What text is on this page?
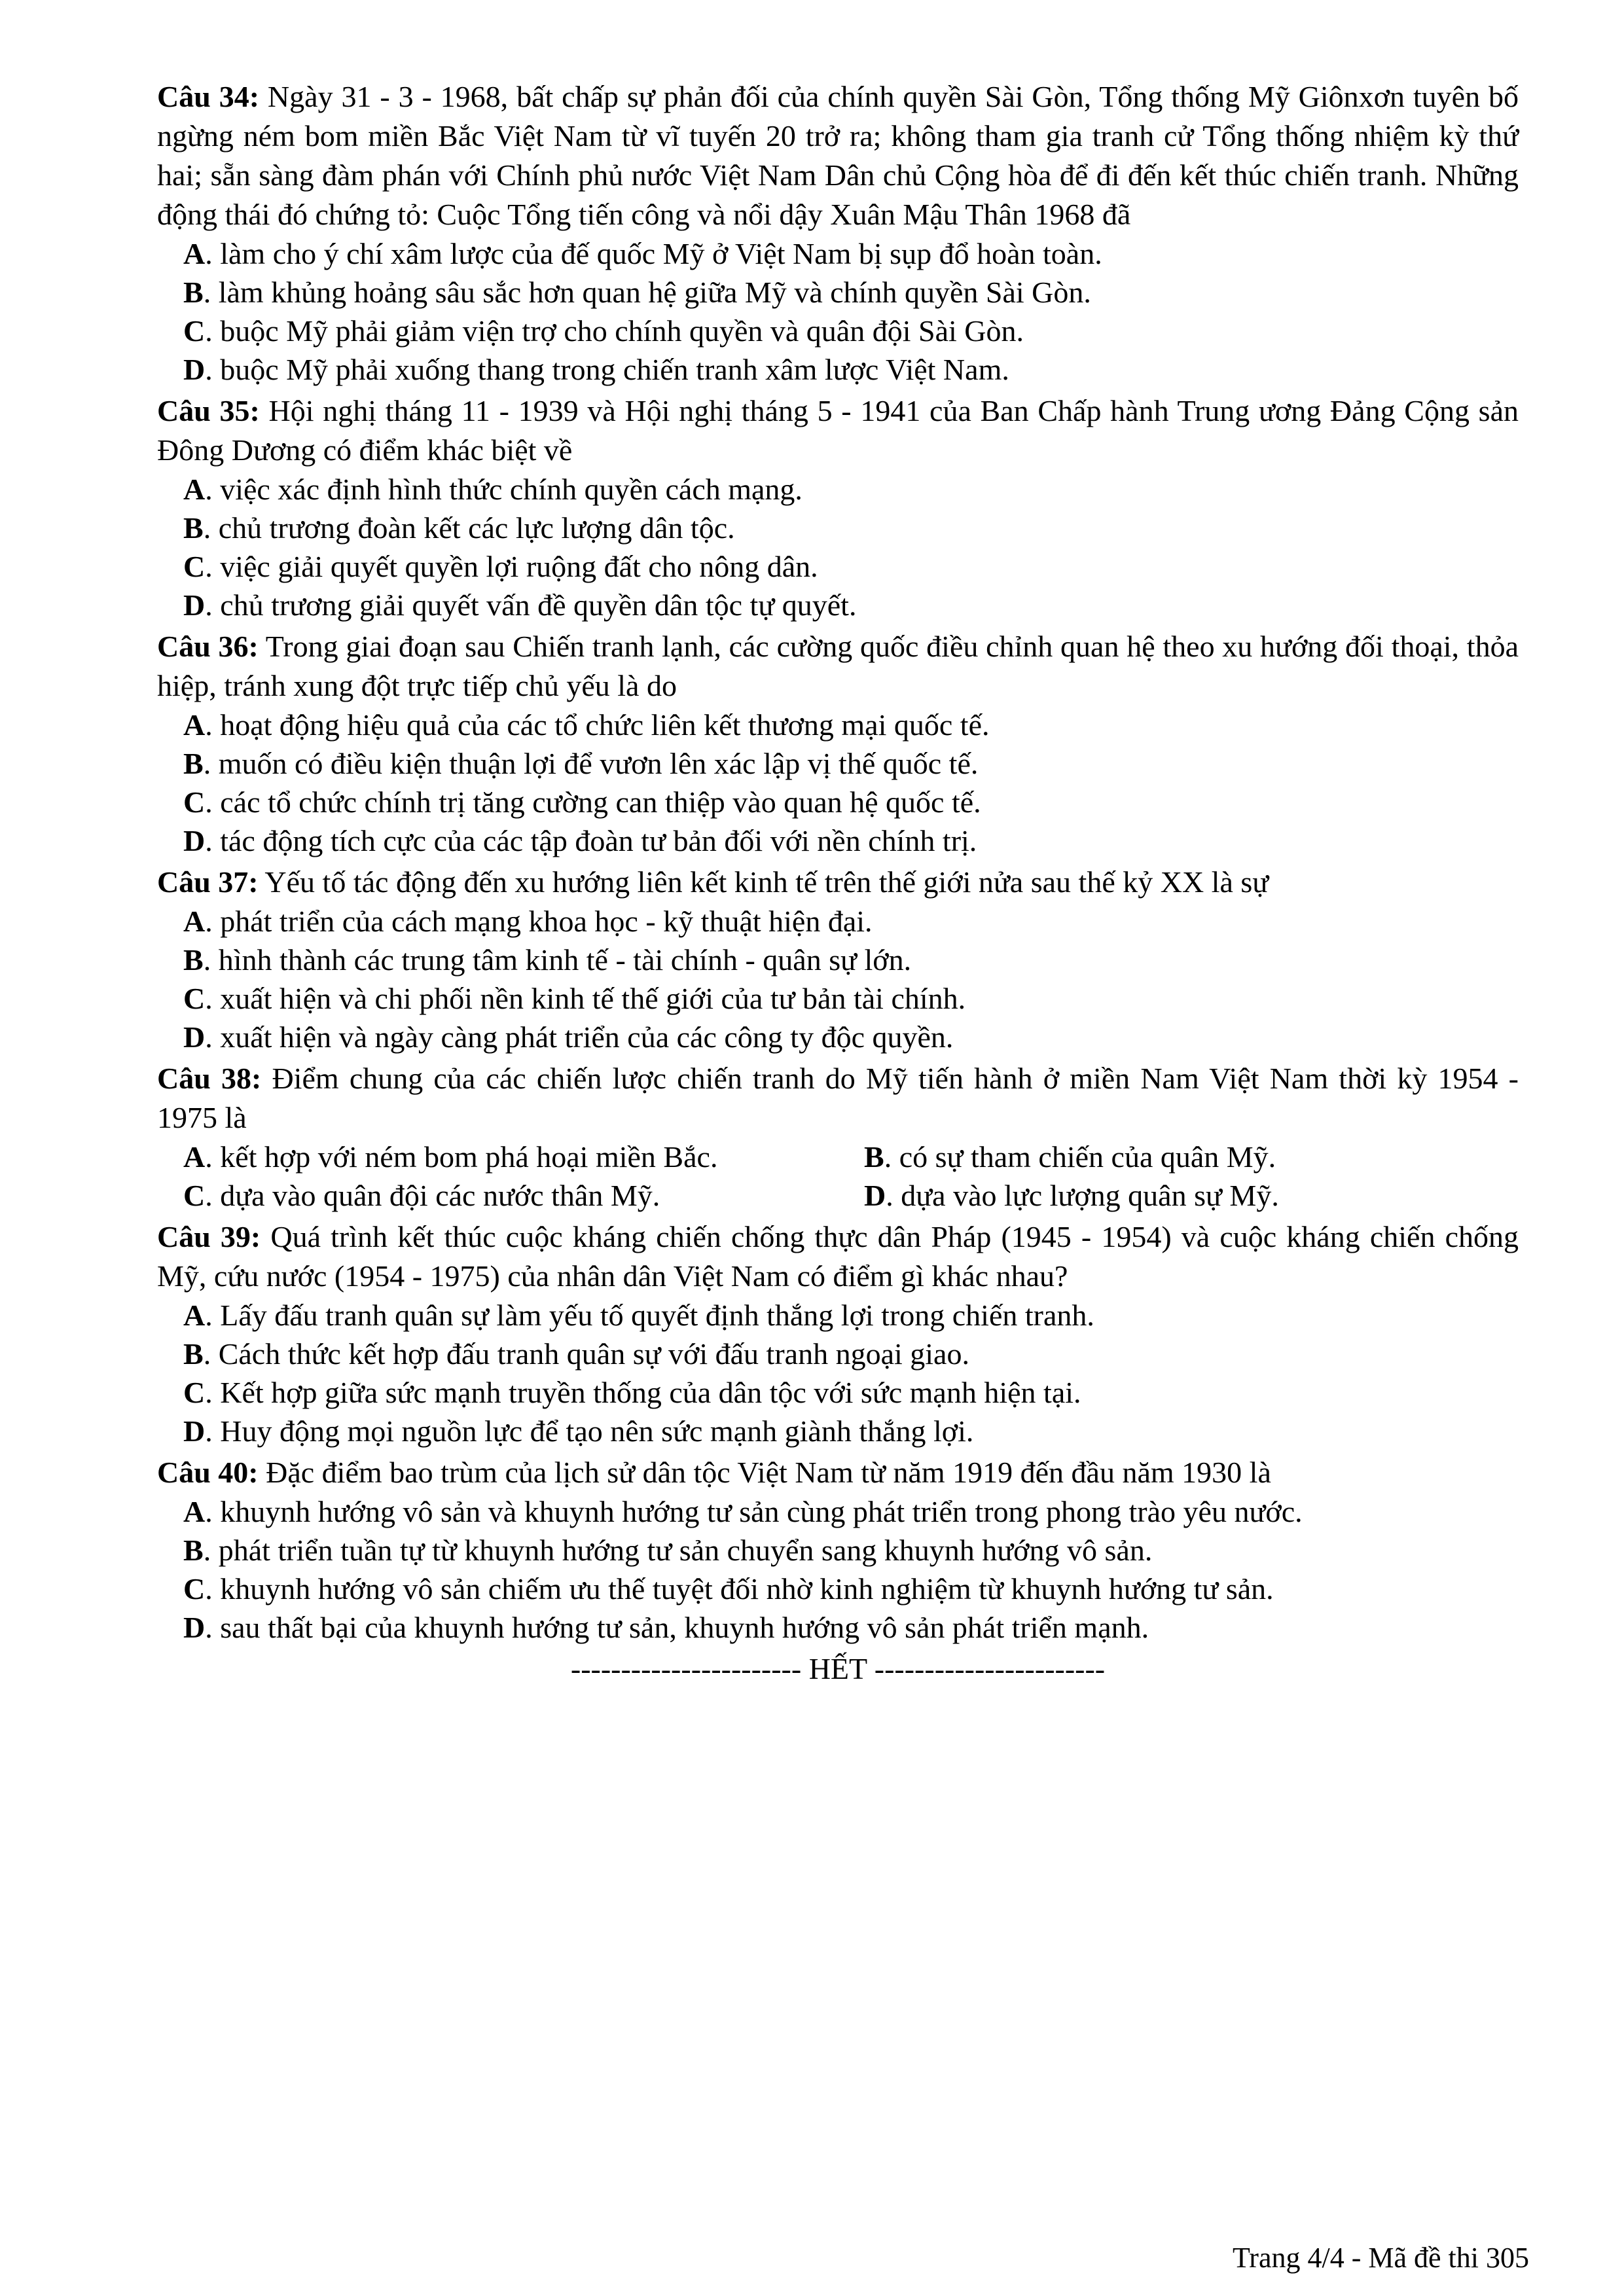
Câu 34: Ngày 31 - 3 - 1968, bất chấp sự phản đối của chính quyền Sài Gòn, Tổng thống Mỹ Giônxơn tuyên bố ngừng ném bom miền Bắc Việt Nam từ vĩ tuyến 20 trở ra; không tham gia tranh cử Tổng thống nhiệm kỳ thứ hai; sẵn sàng đàm phán với Chính phủ nước Việt Nam Dân chủ Cộng hòa để đi đến kết thúc chiến tranh. Những động thái đó chứng tỏ: Cuộc Tổng tiến công và nổi dậy Xuân Mậu Thân 1968 đã

A. làm cho ý chí xâm lược của đế quốc Mỹ ở Việt Nam bị sụp đổ hoàn toàn.

B. làm khủng hoảng sâu sắc hơn quan hệ giữa Mỹ và chính quyền Sài Gòn.

C. buộc Mỹ phải giảm viện trợ cho chính quyền và quân đội Sài Gòn.

D. buộc Mỹ phải xuống thang trong chiến tranh xâm lược Việt Nam.

Câu 35: Hội nghị tháng 11 - 1939 và Hội nghị tháng 5 - 1941 của Ban Chấp hành Trung ương Đảng Cộng sản Đông Dương có điểm khác biệt về

A. việc xác định hình thức chính quyền cách mạng.

B. chủ trương đoàn kết các lực lượng dân tộc.

C. việc giải quyết quyền lợi ruộng đất cho nông dân.

D. chủ trương giải quyết vấn đề quyền dân tộc tự quyết.

Câu 36: Trong giai đoạn sau Chiến tranh lạnh, các cường quốc điều chỉnh quan hệ theo xu hướng đối thoại, thỏa hiệp, tránh xung đột trực tiếp chủ yếu là do

A. hoạt động hiệu quả của các tổ chức liên kết thương mại quốc tế.

B. muốn có điều kiện thuận lợi để vươn lên xác lập vị thế quốc tế.

C. các tổ chức chính trị tăng cường can thiệp vào quan hệ quốc tế.

D. tác động tích cực của các tập đoàn tư bản đối với nền chính trị.

Câu 37: Yếu tố tác động đến xu hướng liên kết kinh tế trên thế giới nửa sau thế kỷ XX là sự

A. phát triển của cách mạng khoa học - kỹ thuật hiện đại.

B. hình thành các trung tâm kinh tế - tài chính - quân sự lớn.

C. xuất hiện và chi phối nền kinh tế thế giới của tư bản tài chính.

D. xuất hiện và ngày càng phát triển của các công ty độc quyền.

Câu 38: Điểm chung của các chiến lược chiến tranh do Mỹ tiến hành ở miền Nam Việt Nam thời kỳ 1954 - 1975 là

A. kết hợp với ném bom phá hoại miền Bắc.	B. có sự tham chiến của quân Mỹ.

C. dựa vào quân đội các nước thân Mỹ.	D. dựa vào lực lượng quân sự Mỹ.

Câu 39: Quá trình kết thúc cuộc kháng chiến chống thực dân Pháp (1945 - 1954) và cuộc kháng chiến chống Mỹ, cứu nước (1954 - 1975) của nhân dân Việt Nam có điểm gì khác nhau?

A. Lấy đấu tranh quân sự làm yếu tố quyết định thắng lợi trong chiến tranh.

B. Cách thức kết hợp đấu tranh quân sự với đấu tranh ngoại giao.

C. Kết hợp giữa sức mạnh truyền thống của dân tộc với sức mạnh hiện tại.

D. Huy động mọi nguồn lực để tạo nên sức mạnh giành thắng lợi.

Câu 40: Đặc điểm bao trùm của lịch sử dân tộc Việt Nam từ năm 1919 đến đầu năm 1930 là

A. khuynh hướng vô sản và khuynh hướng tư sản cùng phát triển trong phong trào yêu nước.

B. phát triển tuần tự từ khuynh hướng tư sản chuyển sang khuynh hướng vô sản.

C. khuynh hướng vô sản chiếm ưu thế tuyệt đối nhờ kinh nghiệm từ khuynh hướng tư sản.

D. sau thất bại của khuynh hướng tư sản, khuynh hướng vô sản phát triển mạnh.

----------------------- HẾT -----------------------
Trang 4/4 - Mã đề thi 305
